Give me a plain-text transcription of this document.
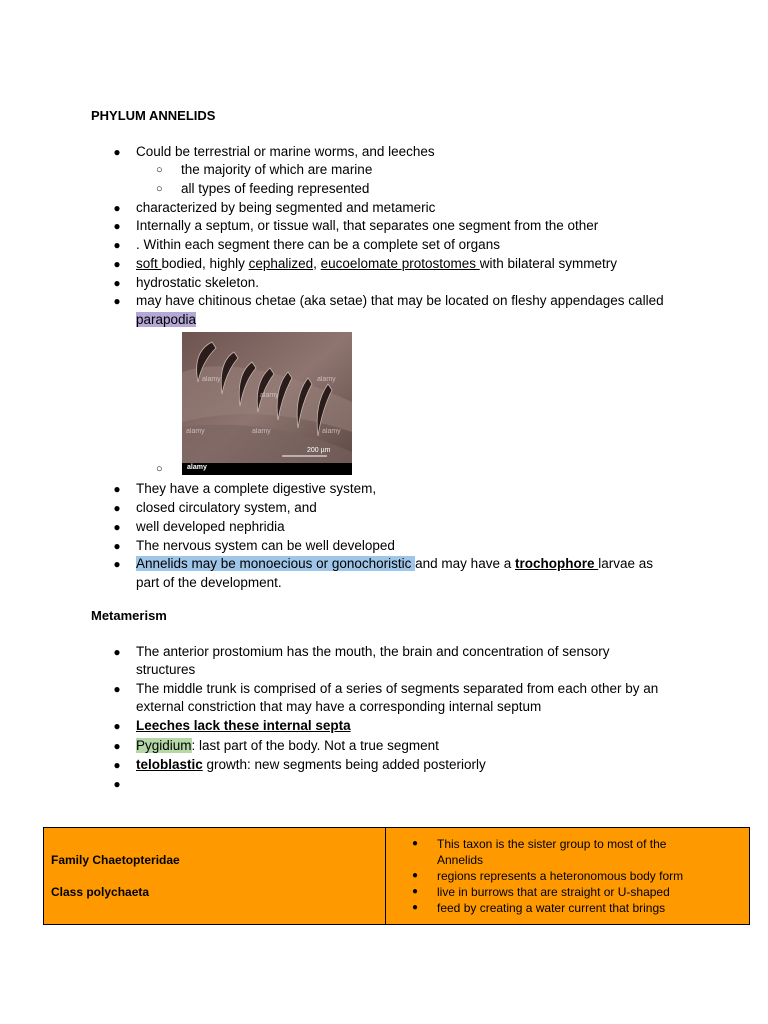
PHYLUM ANNELIDS
● Could be terrestrial or marine worms, and leeches
○ the majority of which are marine
○ all types of feeding represented
● characterized by being segmented and metameric
● Internally a septum, or tissue wall, that separates one segment from the other
● . Within each segment there can be a complete set of organs
● soft bodied, highly cephalized, eucoelomate protostomes with bilateral symmetry
● hydrostatic skeleton.
● may have chitinous chetae (aka setae) that may be located on fleshy appendages called
parapodia
○
alamy
alamy
alamy
alamy	alamy	alamy
200 µm
alamy
● They have a complete digestive system,
● closed circulatory system, and
● well developed nephridia
● The nervous system can be well developed
● Annelids may be monoecious or gonochoristic and may have a trochophore larvae as
part of the development.
Metamerism
● The anterior prostomium has the mouth, the brain and concentration of sensory
structures
● The middle trunk is comprised of a series of segments separated from each other by an
external constriction that may have a corresponding internal septum
● Leeches lack these internal septa
● Pygidium: last part of the body. Not a true segment
● teloblastic growth: new segments being added posteriorly
●
Family Chaetopteridae
Class polychaeta

● This taxon is the sister group to most of the
Annelids
● regions represents a heteronomous body form
● live in burrows that are straight or U-shaped
● feed by creating a water current that brings
